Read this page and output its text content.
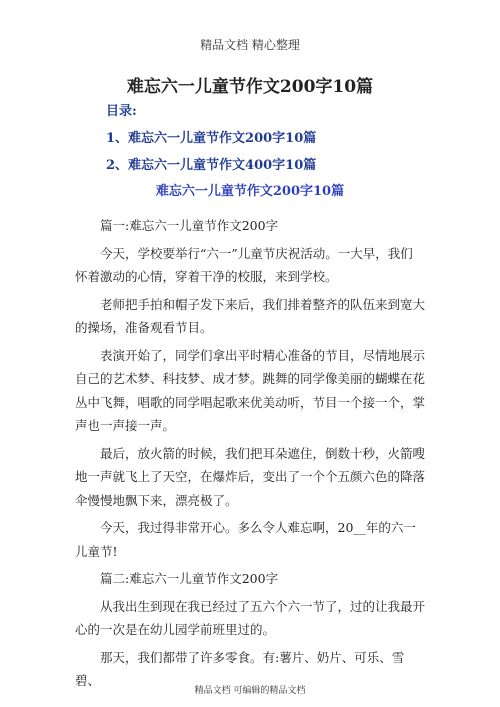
精品文档 精心整理
难忘六一儿童节作文200字10篇
目录:
1、难忘六一儿童节作文200字10篇
2、难忘六一儿童节作文400字10篇
难忘六一儿童节作文200字10篇

篇一:难忘六一儿童节作文200字

今天，学校要举行“六一”儿童节庆祝活动。一大早，我们怀着激动的心情，穿着干净的校服，来到学校。

老师把手拍和帽子发下来后，我们排着整齐的队伍来到宽大的操场，准备观看节目。

表演开始了，同学们拿出平时精心准备的节目，尽情地展示自己的艺术梦、科技梦、成才梦。跳舞的同学像美丽的蝴蝶在花丛中飞舞，唱歌的同学唱起歌来优美动听，节目一个接一个，掌声也一声接一声。

最后，放火箭的时候，我们把耳朵遮住，倒数十秒，火箭嗖地一声就飞上了天空，在爆炸后，变出了一个个五颜六色的降落伞慢慢地飘下来，漂亮极了。

今天，我过得非常开心。多么令人难忘啊，20__年的六一儿童节!

篇二:难忘六一儿童节作文200字

从我出生到现在我已经过了五六个六一节了，过的让我最开心的一次是在幼儿园学前班里过的。

那天，我们都带了许多零食。有:薯片、奶片、可乐、雪碧、

精品文档 可编辑的精品文档
